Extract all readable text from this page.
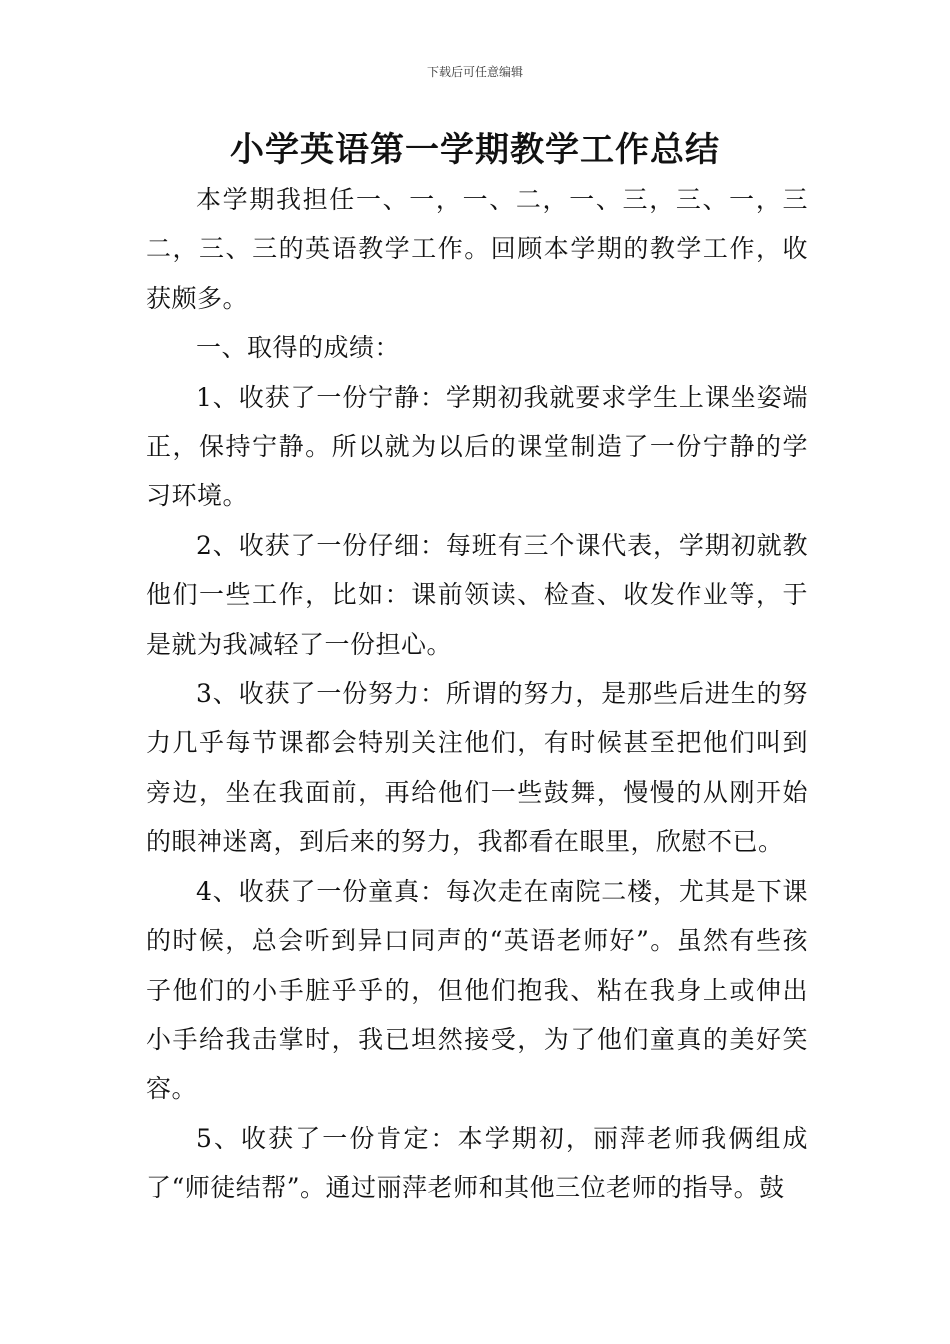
下载后可任意编辑
小学英语第一学期教学工作总结

本学期我担任一、一，一、二，一、三，三、一，三二，三、三的英语教学工作。回顾本学期的教学工作，收获颇多。

一、取得的成绩：

1、收获了一份宁静：学期初我就要求学生上课坐姿端正，保持宁静。所以就为以后的课堂制造了一份宁静的学习环境。

2、收获了一份仔细：每班有三个课代表，学期初就教他们一些工作，比如：课前领读、检查、收发作业等，于是就为我减轻了一份担心。

3、收获了一份努力：所谓的努力，是那些后进生的努力几乎每节课都会特别关注他们，有时候甚至把他们叫到旁边，坐在我面前，再给他们一些鼓舞，慢慢的从刚开始的眼神迷离，到后来的努力，我都看在眼里，欣慰不已。

4、收获了一份童真：每次走在南院二楼，尤其是下课的时候，总会听到异口同声的“英语老师好”。虽然有些孩子他们的小手脏乎乎的，但他们抱我、粘在我身上或伸出小手给我击掌时，我已坦然接受，为了他们童真的美好笑容。

5、收获了一份肯定：本学期初，丽萍老师我俩组成了“师徒结帮”。通过丽萍老师和其他三位老师的指导。鼓
